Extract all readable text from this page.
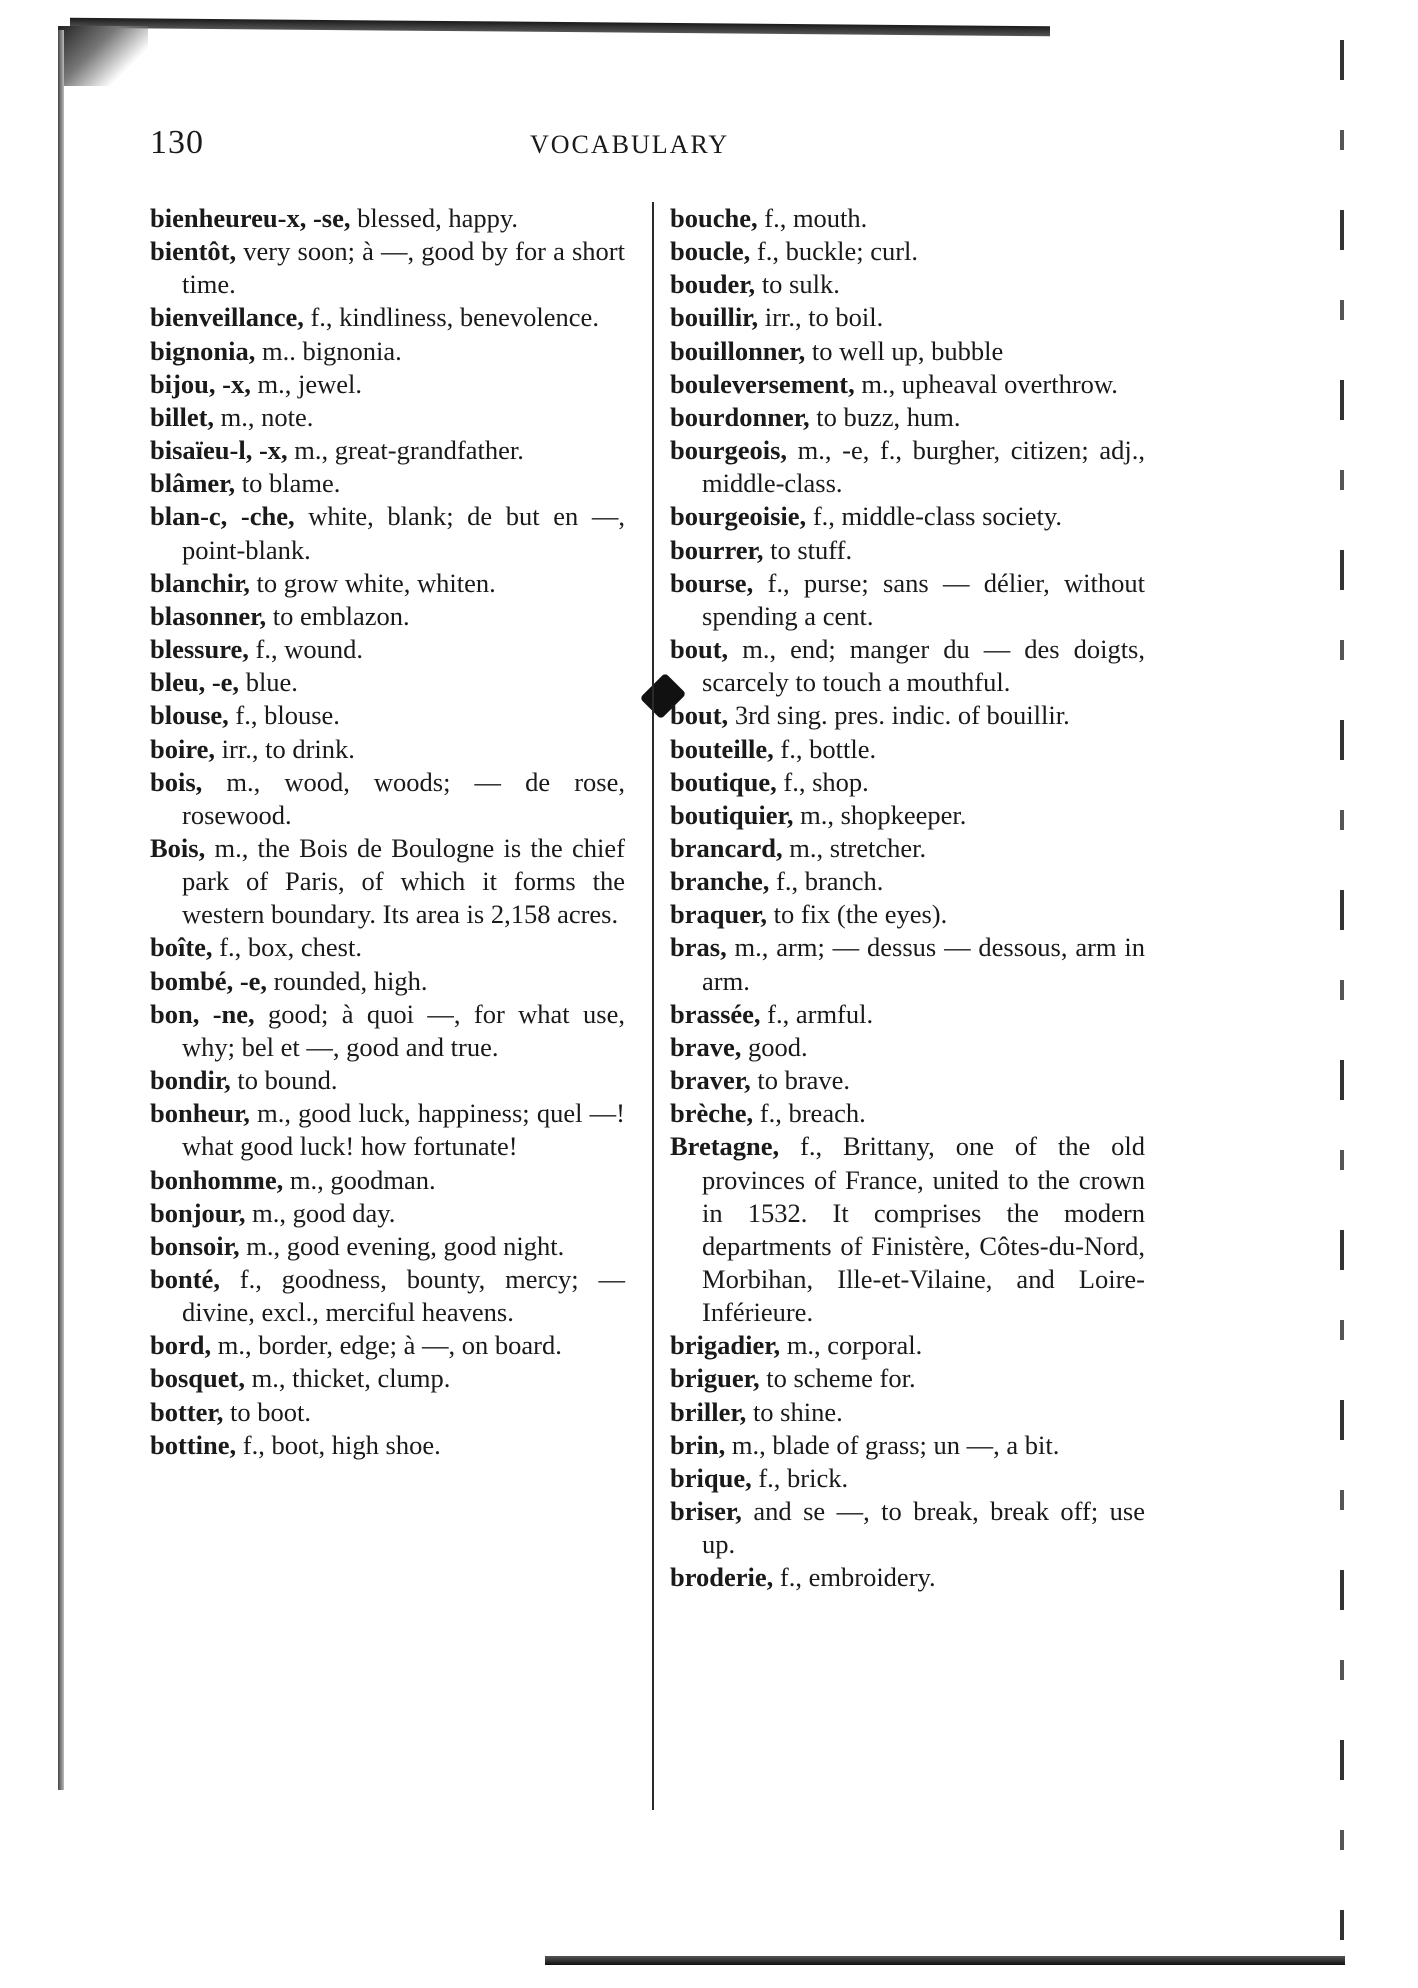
130	VOCABULARY

bienheureu-x, -se, blessed, happy.

bientôt, very soon; à —, good by for a short time.

bienveillance, f., kindliness, benevolence.

bignonia, m.. bignonia.

bijou, -x, m., jewel.

billet, m., note.

bisaïeu-l, -x, m., great-grandfather.

blâmer, to blame.

blan-c, -che, white, blank; de but en —, point-blank.

blanchir, to grow white, whiten.

blasonner, to emblazon.

blessure, f., wound.

bleu, -e, blue.

blouse, f., blouse.

boire, irr., to drink.

bois, m., wood, woods; — de rose, rosewood.

Bois, m., the Bois de Boulogne is the chief park of Paris, of which it forms the western boundary. Its area is 2,158 acres.

boîte, f., box, chest.

bombé, -e, rounded, high.

bon, -ne, good; à quoi —, for what use, why; bel et —, good and true.

bondir, to bound.

bonheur, m., good luck, happiness; quel —! what good luck! how fortunate!

bonhomme, m., goodman.

bonjour, m., good day.

bonsoir, m., good evening, good night.

bonté, f., goodness, bounty, mercy; — divine, excl., merciful heavens.

bord, m., border, edge; à —, on board.

bosquet, m., thicket, clump.

botter, to boot.

bottine, f., boot, high shoe.

bouche, f., mouth.

boucle, f., buckle; curl.

bouder, to sulk.

bouillir, irr., to boil.

bouillonner, to well up, bubble

bouleversement, m., upheaval overthrow.

bourdonner, to buzz, hum.

bourgeois, m., -e, f., burgher, citizen; adj., middle-class.

bourgeoisie, f., middle-class society.

bourrer, to stuff.

bourse, f., purse; sans — délier, without spending a cent.

bout, m., end; manger du — des doigts, scarcely to touch a mouthful.

bout, 3rd sing. pres. indic. of bouillir.

bouteille, f., bottle.

boutique, f., shop.

boutiquier, m., shopkeeper.

brancard, m., stretcher.

branche, f., branch.

braquer, to fix (the eyes).

bras, m., arm; — dessus — dessous, arm in arm.

brassée, f., armful.

brave, good.

braver, to brave.

brèche, f., breach.

Bretagne, f., Brittany, one of the old provinces of France, united to the crown in 1532. It comprises the modern departments of Finistère, Côtes-du-Nord, Morbihan, Ille-et-Vilaine, and Loire-Inférieure.

brigadier, m., corporal.

briguer, to scheme for.

briller, to shine.

brin, m., blade of grass; un —, a bit.

brique, f., brick.

briser, and se —, to break, break off; use up.

broderie, f., embroidery.
